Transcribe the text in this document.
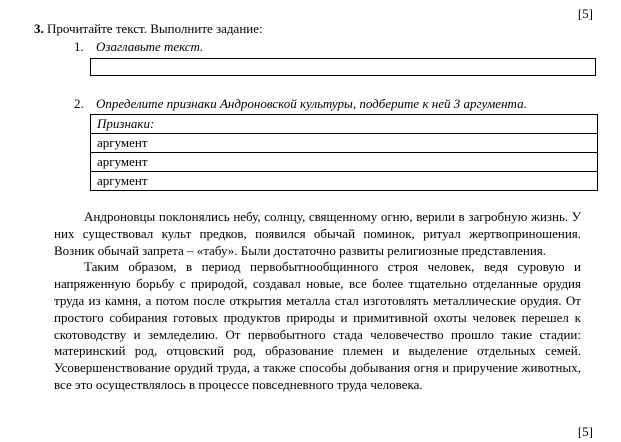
[5]
3. Прочитайте текст. Выполните задание:
1. Озаглавьте текст.
2. Определите признаки Андроновской культуры, подберите к ней 3 аргумента.
Признаки:
аргумент
аргумент
аргумент

Андроновцы поклонялись небу, солнцу, священному огню, верили в загробную жизнь. У них существовал культ предков, появился обычай поминок, ритуал жертвоприношения. Возник обычай запрета – «табу». Были достаточно развиты религиозные представления.

Таким образом, в период первобытнообщинного строя человек, ведя суровую и напряженную борьбу с природой, создавал новые, все более тщательно отделанные орудия труда из камня, а потом после открытия металла стал изготовлять металлические орудия. От простого собирания готовых продуктов природы и примитивной охоты человек перешел к скотоводству и земледелию. От первобытного стада человечество прошло такие стадии: материнский род, отцовский род, образование племен и выделение отдельных семей. Усовершенствование орудий труда, а также способы добывания огня и приручение животных, все это осуществлялось в процессе повседневного труда человека.

[5]
